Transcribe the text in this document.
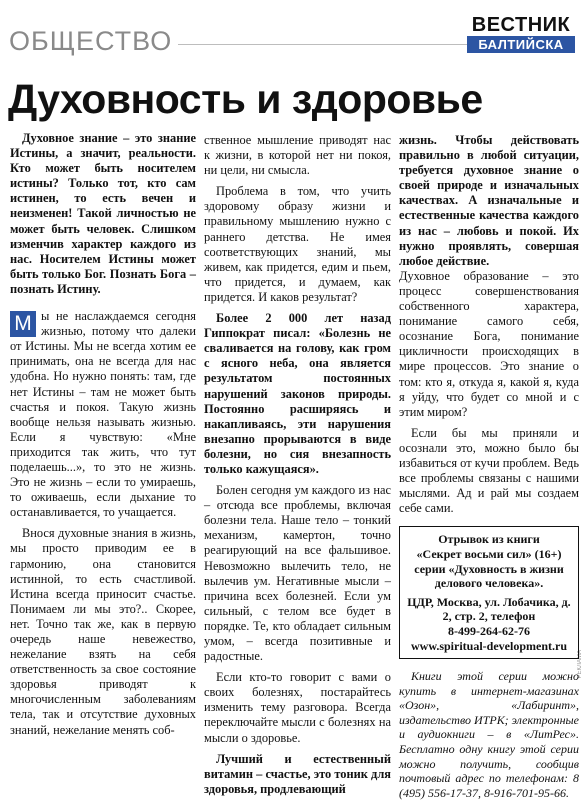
ОБЩЕСТВО
ВЕСТНИК
БАЛТИЙСКА
Духовность и здоровье
РЕКЛАМА

Духовное знание – это знание Истины, а значит, реальности. Кто может быть носителем истины? Только тот, кто сам истинен, то есть вечен и неизменен! Такой личностью не может быть человек. Слишком изменчив характер каждого из нас. Носителем Истины может быть только Бог. Познать Бога – познать Истину.

М ы не наслаждаемся сегодня жизнью, потому что далеки от Истины. Мы не всегда хотим ее принимать, она не всегда для нас удобна. Но нужно понять: там, где нет Истины – там не может быть счастья и покоя. Такую жизнь вообще нельзя называть жизнью. Если я чувствую: «Мне приходится так жить, что тут поделаешь...», то это не жизнь. Это не жизнь – если то умираешь, то оживаешь, если дыхание то останавливается, то учащается.

Внося духовные знания в жизнь, мы просто приводим ее в гармонию, она становится истинной, то есть счастливой. Истина всегда приносит счастье. Понимаем ли мы это?.. Скорее, нет. Точно так же, как в первую очередь наше невежество, нежелание взять на себя ответственность за свое состояние здоровья приводят к многочисленным заболеваниям тела, так и отсутствие духовных знаний, нежелание менять соб-

ственное мышление приводят нас к жизни, в которой нет ни покоя, ни цели, ни смысла.

Проблема в том, что учить здоровому образу жизни и правильному мышлению нужно с раннего детства. Не имея соответствующих знаний, мы живем, как придется, едим и пьем, что придется, и думаем, как придется. И каков результат?

Более 2 000 лет назад Гиппократ писал: «Болезнь не сваливается на голову, как гром с ясного неба, она является результатом постоянных нарушений законов природы. Постоянно расширяясь и накапливаясь, эти нарушения внезапно прорываются в виде болезни, но сия внезапность только кажущаяся».

Болен сегодня ум каждого из нас – отсюда все проблемы, включая болезни тела. Наше тело – тонкий механизм, камертон, точно реагирующий на все фальшивое. Невозможно вылечить тело, не вылечив ум. Негативные мысли – причина всех болезней. Если ум сильный, с телом все будет в порядке. Те, кто обладает сильным умом, – всегда позитивные и радостные.

Если кто-то говорит с вами о своих болезнях, постарайтесь изменить тему разговора. Всегда переключайте мысли с болезнях на мысли о здоровье.

Лучший и естественный витамин – счастье, это тоник для здоровья, продлевающий

жизнь. Чтобы действовать правильно в любой ситуации, требуется духовное знание о своей природе и изначальных качествах. А изначальные и естественные качества каждого из нас – любовь и покой. Их нужно проявлять, совершая любое действие.

Духовное образование – это процесс совершенствования собственного характера, понимание самого себя, осознание Бога, понимание цикличности происходящих в мире процессов. Это знание о том: кто я, откуда я, какой я, куда я уйду, что будет со мной и с этим миром?

Если бы мы приняли и осознали это, можно было бы избавиться от кучи проблем. Ведь все проблемы связаны с нашими мыслями. Ад и рай мы создаем себе сами.

Отрывок из книги
«Секрет восьми сил» (16+)
серии «Духовность в жизни
делового человека».
ЦДР, Москва, ул. Лобачика, д. 2, стр. 2, телефон
8-499-264-62-76
www.spiritual-development.ru

Книги этой серии можно купить в интернет-магазинах «Озон», «Лабиринт», издательство ИТРК; электронные и аудиокниги – в «ЛитРес». Бесплатно одну книгу этой серии можно получить, сообщив почтовый адрес по телефонам: 8 (495) 556-17-37, 8-916-701-95-66.
